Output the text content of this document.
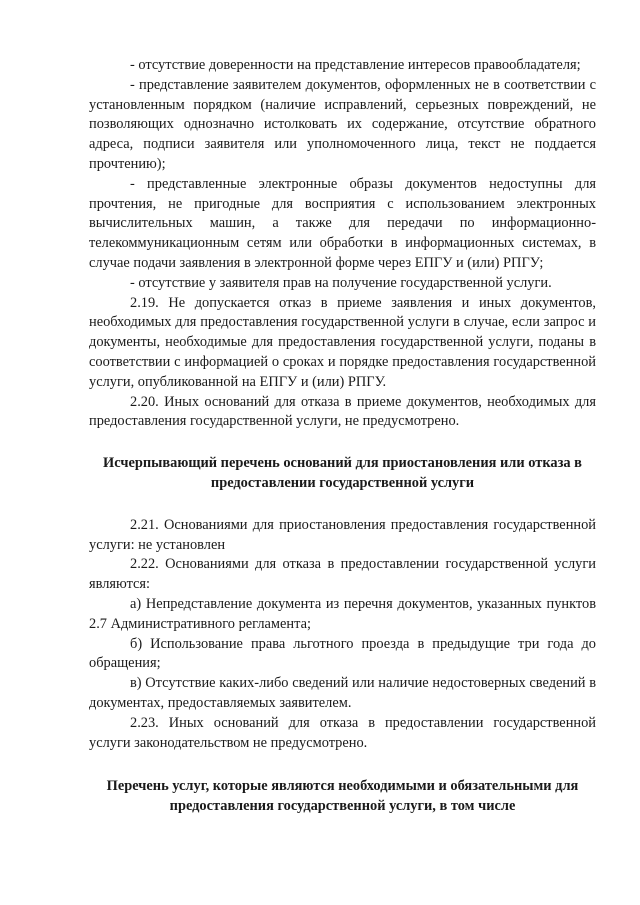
- отсутствие доверенности на представление интересов правообладателя;

- представление заявителем документов, оформленных не в соответствии с установленным порядком (наличие исправлений, серьезных повреждений, не позволяющих однозначно истолковать их содержание, отсутствие обратного адреса, подписи заявителя или уполномоченного лица, текст не поддается прочтению);

- представленные электронные образы документов недоступны для прочтения, не пригодные для восприятия с использованием электронных вычислительных машин, а также для передачи по информационно-телекоммуникационным сетям или обработки в информационных системах, в случае подачи заявления в электронной форме через ЕПГУ и (или) РПГУ;

- отсутствие у заявителя прав на получение государственной услуги.

2.19. Не допускается отказ в приеме заявления и иных документов, необходимых для предоставления государственной услуги в случае, если запрос и документы, необходимые для предоставления государственной услуги, поданы в соответствии с информацией о сроках и порядке предоставления государственной услуги, опубликованной на ЕПГУ и (или) РПГУ.

2.20. Иных оснований для отказа в приеме документов, необходимых для предоставления государственной услуги, не предусмотрено.

Исчерпывающий перечень оснований для приостановления или отказа в предоставлении государственной услуги

2.21. Основаниями для приостановления предоставления государственной услуги: не установлен

2.22. Основаниями для отказа в предоставлении государственной услуги являются:

а) Непредставление документа из перечня документов, указанных пунктов 2.7 Административного регламента;

б) Использование права льготного проезда в предыдущие три года до обращения;

в) Отсутствие каких-либо сведений или наличие недостоверных сведений в документах, предоставляемых заявителем.

2.23. Иных оснований для отказа в предоставлении государственной услуги законодательством не предусмотрено.

Перечень услуг, которые являются необходимыми и обязательными для предоставления государственной услуги, в том числе
